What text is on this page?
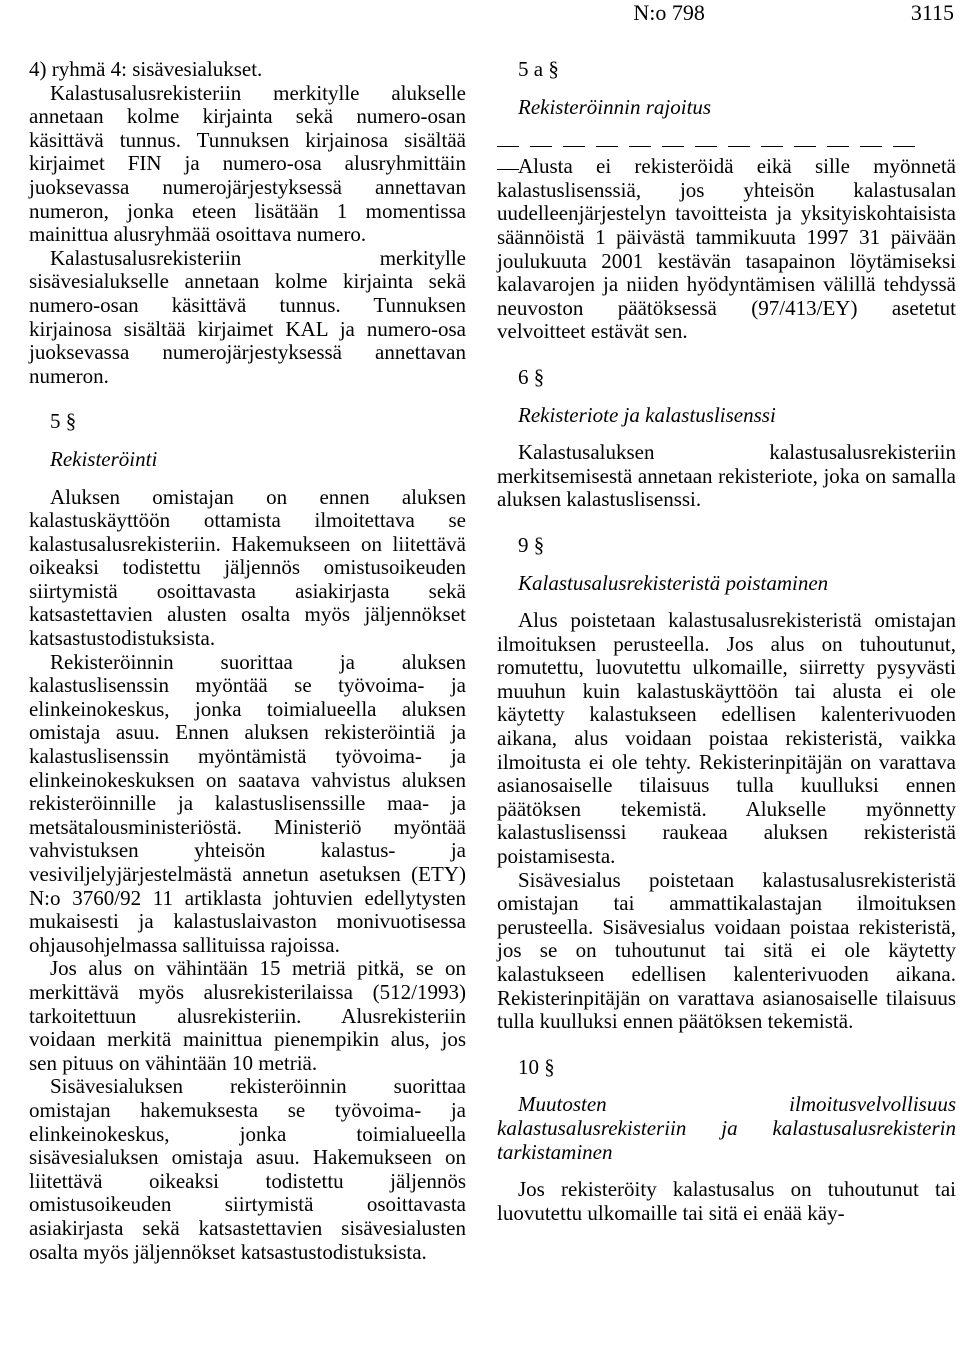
N:o 798	3115

4) ryhmä 4: sisävesialukset.

Kalastusalusrekisteriin merkitylle alukselle annetaan kolme kirjainta sekä numero-osan käsittävä tunnus. Tunnuksen kirjainosa sisältää kirjaimet FIN ja numero-osa alusryhmittäin juoksevassa numerojärjestyksessä annettavan numeron, jonka eteen lisätään 1 momentissa mainittua alusryhmää osoittava numero.

Kalastusalusrekisteriin merkitylle sisävesialukselle annetaan kolme kirjainta sekä numero-osan käsittävä tunnus. Tunnuksen kirjainosa sisältää kirjaimet KAL ja numero-osa juoksevassa numerojärjestyksessä annettavan numeron.

5 §

Rekisteröinti

Aluksen omistajan on ennen aluksen kalastuskäyttöön ottamista ilmoitettava se kalastusalusrekisteriin. Hakemukseen on liitettävä oikeaksi todistettu jäljennös omistusoikeuden siirtymistä osoittavasta asiakirjasta sekä katsastettavien alusten osalta myös jäljennökset katsastustodistuksista.

Rekisteröinnin suorittaa ja aluksen kalastuslisenssin myöntää se työvoima- ja elinkeinokeskus, jonka toimialueella aluksen omistaja asuu. Ennen aluksen rekisteröintiä ja kalastuslisenssin myöntämistä työvoima- ja elinkeinokeskuksen on saatava vahvistus aluksen rekisteröinnille ja kalastuslisenssille maa- ja metsätalousministeriöstä. Ministeriö myöntää vahvistuksen yhteisön kalastus- ja vesiviljelyjärjestelmästä annetun asetuksen (ETY) N:o 3760/92 11 artiklasta johtuvien edellytysten mukaisesti ja kalastuslaivaston monivuotisessa ohjausohjelmassa sallituissa rajoissa.

Jos alus on vähintään 15 metriä pitkä, se on merkittävä myös alusrekisterilaissa (512/1993) tarkoitettuun alusrekisteriin. Alusrekisteriin voidaan merkitä mainittua pienempikin alus, jos sen pituus on vähintään 10 metriä.

Sisävesialuksen rekisteröinnin suorittaa omistajan hakemuksesta se työvoima- ja elinkeinokeskus, jonka toimialueella sisävesialuksen omistaja asuu. Hakemukseen on liitettävä oikeaksi todistettu jäljennös omistusoikeuden siirtymistä osoittavasta asiakirjasta sekä katsastettavien sisävesialusten osalta myös jäljennökset katsastustodistuksista.

5 a §

Rekisteröinnin rajoitus

Alusta ei rekisteröidä eikä sille myönnetä kalastuslisenssiä, jos yhteisön kalastusalan uudelleenjärjestelyn tavoitteista ja yksityiskohtaisista säännöistä 1 päivästä tammikuuta 1997 31 päivään joulukuuta 2001 kestävän tasapainon löytämiseksi kalavarojen ja niiden hyödyntämisen välillä tehdyssä neuvoston päätöksessä (97/413/EY) asetetut velvoitteet estävät sen.

6 §

Rekisteriote ja kalastuslisenssi

Kalastusaluksen kalastusalusrekisteriin merkitsemisestä annetaan rekisteriote, joka on samalla aluksen kalastuslisenssi.

9 §

Kalastusalusrekisteristä poistaminen

Alus poistetaan kalastusalusrekisteristä omistajan ilmoituksen perusteella. Jos alus on tuhoutunut, romutettu, luovutettu ulkomaille, siirretty pysyvästi muuhun kuin kalastuskäyttöön tai alusta ei ole käytetty kalastukseen edellisen kalenterivuoden aikana, alus voidaan poistaa rekisteristä, vaikka ilmoitusta ei ole tehty. Rekisterinpitäjän on varattava asianosaiselle tilaisuus tulla kuulluksi ennen päätöksen tekemistä. Alukselle myönnetty kalastuslisenssi raukeaa aluksen rekisteristä poistamisesta.

Sisävesialus poistetaan kalastusalusrekisteristä omistajan tai ammattikalastajan ilmoituksen perusteella. Sisävesialus voidaan poistaa rekisteristä, jos se on tuhoutunut tai sitä ei ole käytetty kalastukseen edellisen kalenterivuoden aikana. Rekisterinpitäjän on varattava asianosaiselle tilaisuus tulla kuulluksi ennen päätöksen tekemistä.

10 §

Muutosten ilmoitusvelvollisuus kalastusalusrekisteriin ja kalastusalusrekisterin tarkistaminen

Jos rekisteröity kalastusalus on tuhoutunut tai luovutettu ulkomaille tai sitä ei enää käy-
